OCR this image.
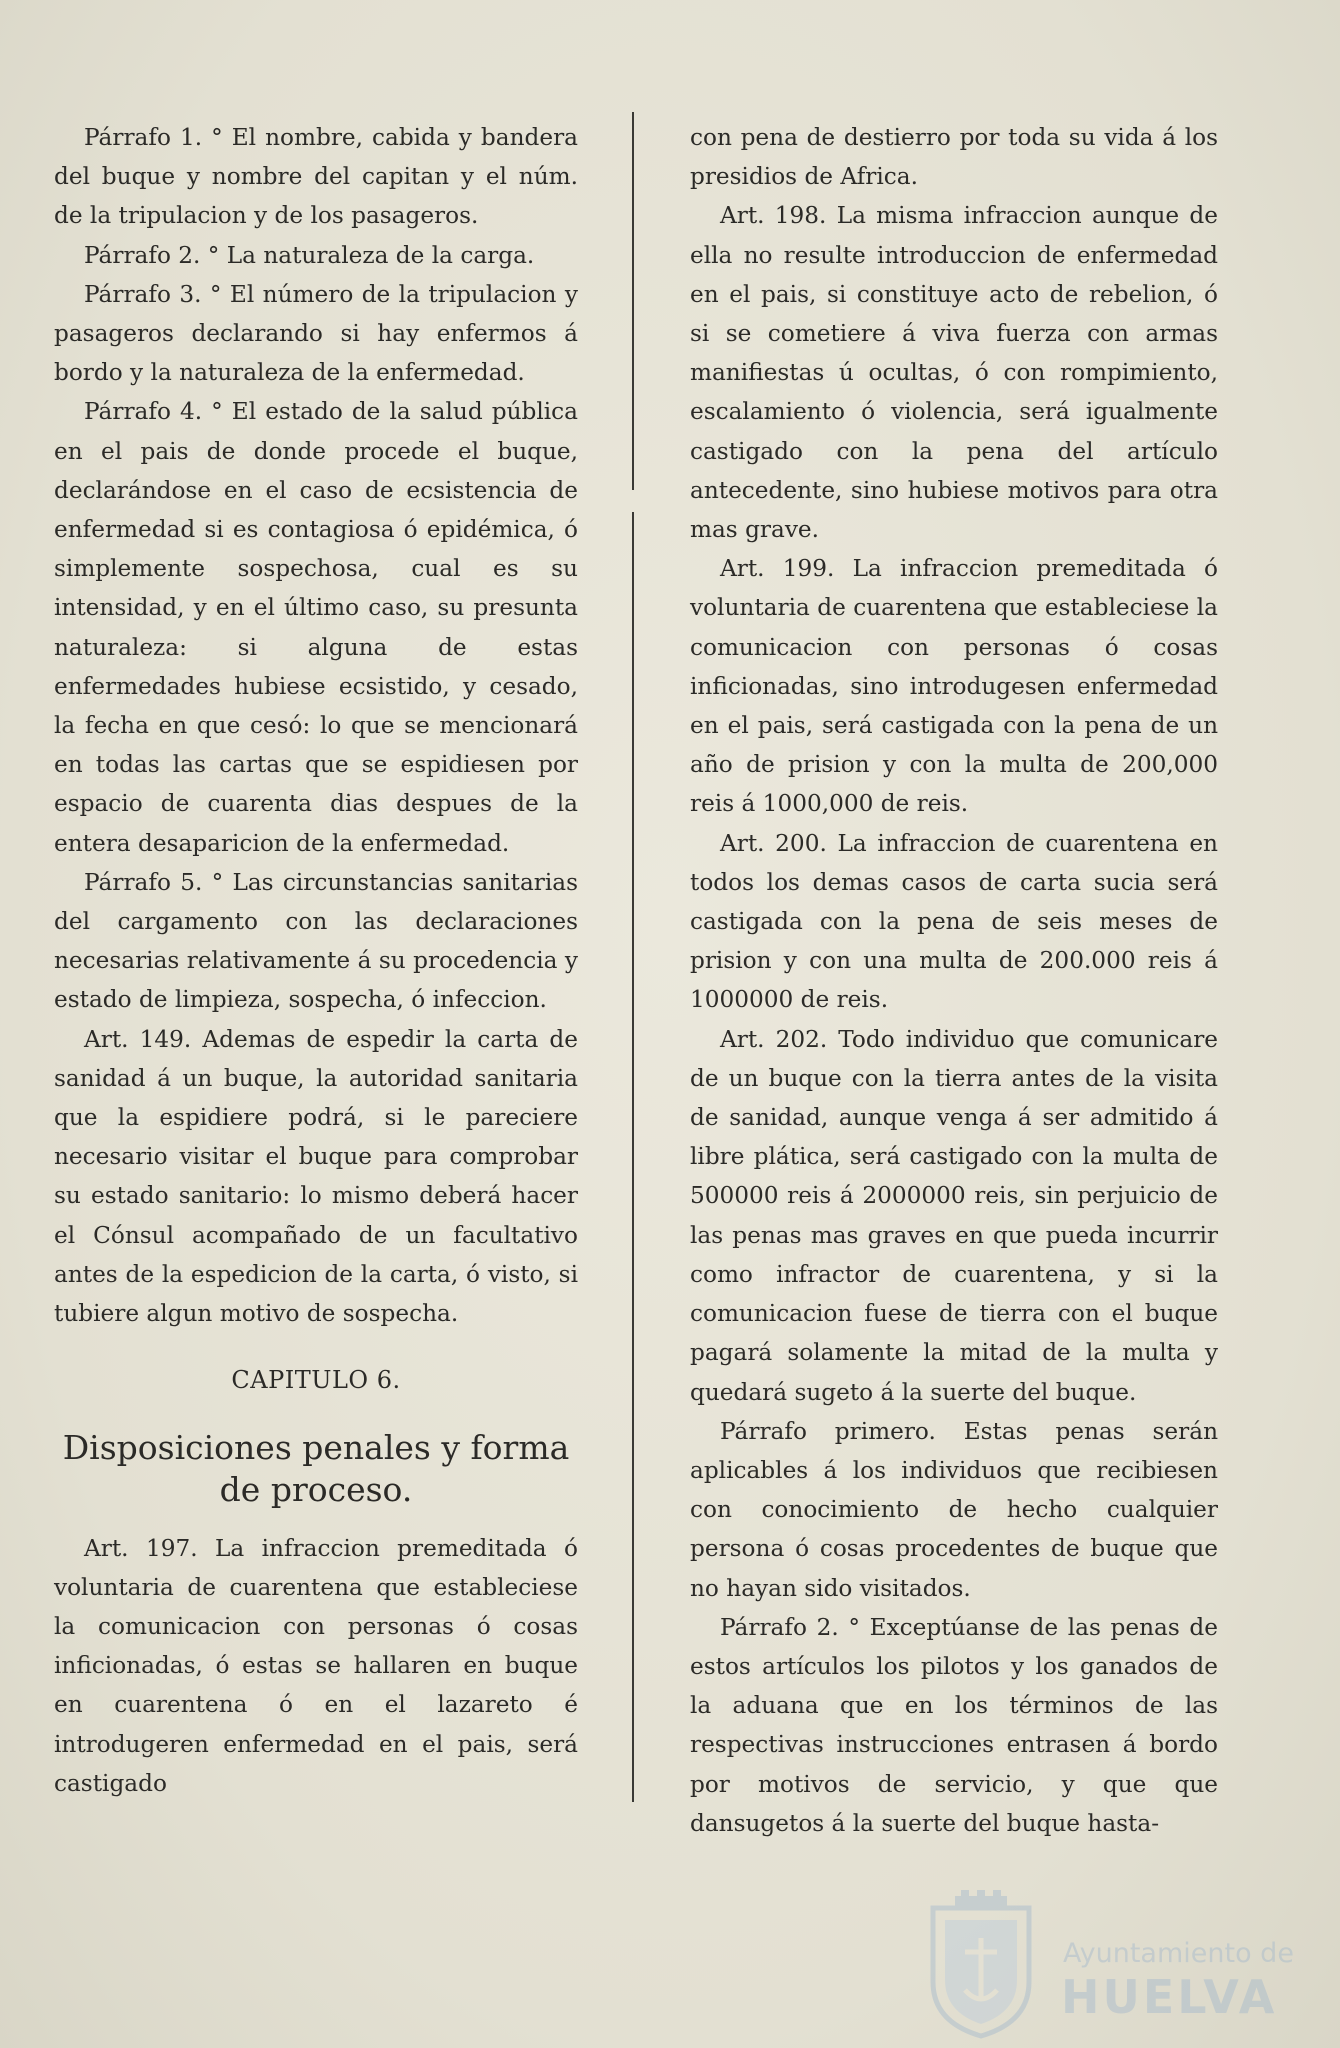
Párrafo 1. ° El nombre, cabida y bandera del buque y nombre del capitan y el núm. de la tripulacion y de los pasageros.

Párrafo 2. ° La naturaleza de la carga.

Párrafo 3. ° El número de la tripulacion y pasageros declarando si hay enfermos á bordo y la naturaleza de la enfermedad.

Párrafo 4. ° El estado de la salud pública en el pais de donde procede el buque, declarándose en el caso de ecsistencia de enfermedad si es contagiosa ó epidémica, ó simplemente sospechosa, cual es su intensidad, y en el último caso, su presunta naturaleza: si alguna de estas enfermedades hubiese ecsistido, y cesado, la fecha en que cesó: lo que se mencionará en todas las cartas que se espidiesen por espacio de cuarenta dias despues de la entera desaparicion de la enfermedad.

Párrafo 5. ° Las circunstancias sanitarias del cargamento con las declaraciones necesarias relativamente á su procedencia y estado de limpieza, sospecha, ó infeccion.

Art. 149. Ademas de espedir la carta de sanidad á un buque, la autoridad sanitaria que la espidiere podrá, si le pareciere necesario visitar el buque para comprobar su estado sanitario: lo mismo deberá hacer el Cónsul acompañado de un facultativo antes de la espedicion de la carta, ó visto, si tubiere algun motivo de sospecha.

CAPITULO 6.
Disposiciones penales y forma de proceso.

Art. 197. La infraccion premeditada ó voluntaria de cuarentena que estableciese la comunicacion con personas ó cosas inficionadas, ó estas se hallaren en buque en cuarentena ó en el lazareto é introdugeren enfermedad en el pais, será castigado

con pena de destierro por toda su vida á los presidios de Africa.

Art. 198. La misma infraccion aunque de ella no resulte introduccion de enfermedad en el pais, si constituye acto de rebelion, ó si se cometiere á viva fuerza con armas manifiestas ú ocultas, ó con rompimiento, escalamiento ó violencia, será igualmente castigado con la pena del artículo antecedente, sino hubiese motivos para otra mas grave.

Art. 199. La infraccion premeditada ó voluntaria de cuarentena que estableciese la comunicacion con personas ó cosas inficionadas, sino introdugesen enfermedad en el pais, será castigada con la pena de un año de prision y con la multa de 200,000 reis á 1000,000 de reis.

Art. 200. La infraccion de cuarentena en todos los demas casos de carta sucia será castigada con la pena de seis meses de prision y con una multa de 200.000 reis á 1000000 de reis.

Art. 202. Todo individuo que comunicare de un buque con la tierra antes de la visita de sanidad, aunque venga á ser admitido á libre plática, será castigado con la multa de 500000 reis á 2000000 reis, sin perjuicio de las penas mas graves en que pueda incurrir como infractor de cuarentena, y si la comunicacion fuese de tierra con el buque pagará solamente la mitad de la multa y quedará sugeto á la suerte del buque.

Párrafo primero. Estas penas serán aplicables á los individuos que recibiesen con conocimiento de hecho cualquier persona ó cosas procedentes de buque que no hayan sido visitados.

Párrafo 2. ° Exceptúanse de las penas de estos artículos los pilotos y los ganados de la aduana que en los términos de las respectivas instrucciones entrasen á bordo por motivos de servicio, y que que dansugetos á la suerte del buque hasta-

Ayuntamiento de
HUELVA
